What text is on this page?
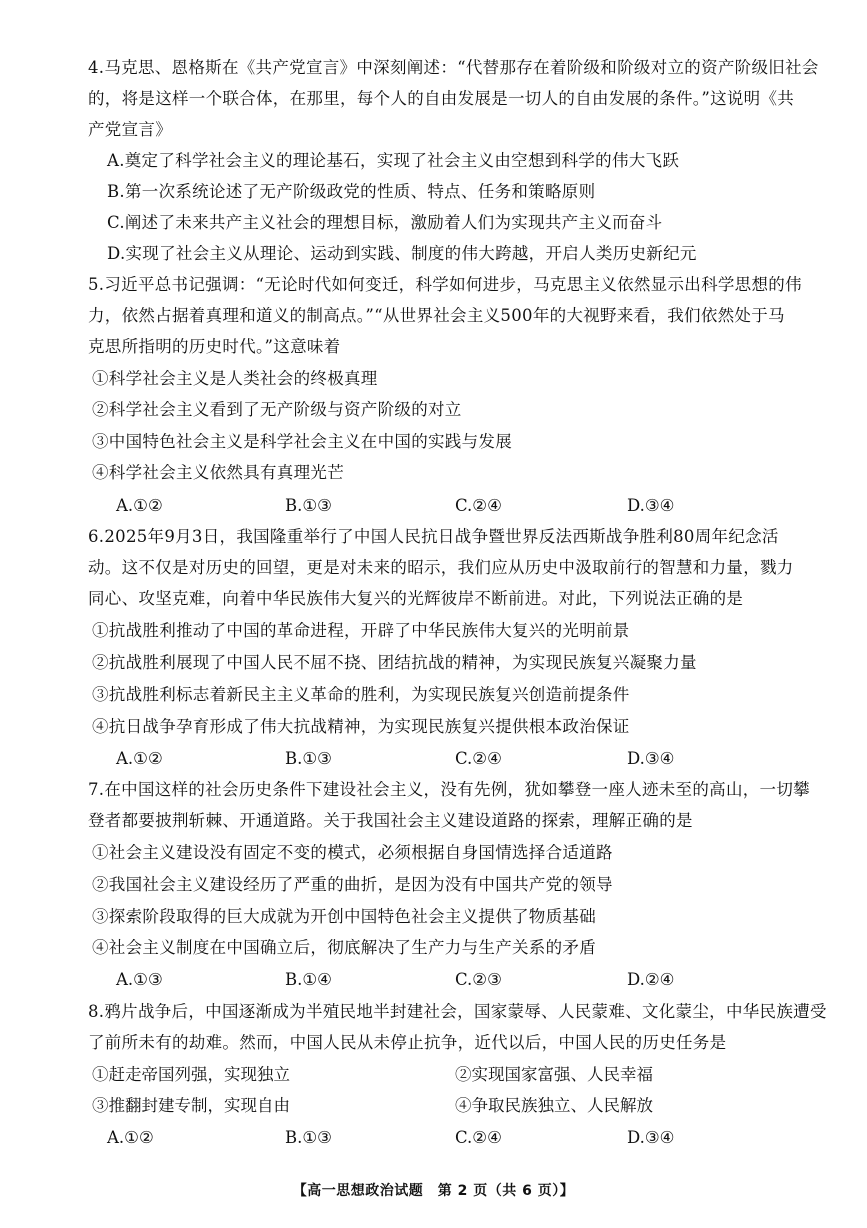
4.马克思、恩格斯在《共产党宣言》中深刻阐述：“代替那存在着阶级和阶级对立的资产阶级旧社会
的，将是这样一个联合体，在那里，每个人的自由发展是一切人的自由发展的条件。”这说明《共
产党宣言》
A.奠定了科学社会主义的理论基石，实现了社会主义由空想到科学的伟大飞跃
B.第一次系统论述了无产阶级政党的性质、特点、任务和策略原则
C.阐述了未来共产主义社会的理想目标，激励着人们为实现共产主义而奋斗
D.实现了社会主义从理论、运动到实践、制度的伟大跨越，开启人类历史新纪元
5.习近平总书记强调：“无论时代如何变迁，科学如何进步，马克思主义依然显示出科学思想的伟
力，依然占据着真理和道义的制高点。”“从世界社会主义500年的大视野来看，我们依然处于马
克思所指明的历史时代。”这意味着
①科学社会主义是人类社会的终极真理
②科学社会主义看到了无产阶级与资产阶级的对立
③中国特色社会主义是科学社会主义在中国的实践与发展
④科学社会主义依然具有真理光芒
A.①②	B.①③	C.②④	D.③④
6.2025年9月3日，我国隆重举行了中国人民抗日战争暨世界反法西斯战争胜利80周年纪念活
动。这不仅是对历史的回望，更是对未来的昭示，我们应从历史中汲取前行的智慧和力量，戮力
同心、攻坚克难，向着中华民族伟大复兴的光辉彼岸不断前进。对此，下列说法正确的是
①抗战胜利推动了中国的革命进程，开辟了中华民族伟大复兴的光明前景
②抗战胜利展现了中国人民不屈不挠、团结抗战的精神，为实现民族复兴凝聚力量
③抗战胜利标志着新民主主义革命的胜利，为实现民族复兴创造前提条件
④抗日战争孕育形成了伟大抗战精神，为实现民族复兴提供根本政治保证
A.①②	B.①③	C.②④	D.③④
7.在中国这样的社会历史条件下建设社会主义，没有先例，犹如攀登一座人迹未至的高山，一切攀
登者都要披荆斩棘、开通道路。关于我国社会主义建设道路的探索，理解正确的是
①社会主义建设没有固定不变的模式，必须根据自身国情选择合适道路
②我国社会主义建设经历了严重的曲折，是因为没有中国共产党的领导
③探索阶段取得的巨大成就为开创中国特色社会主义提供了物质基础
④社会主义制度在中国确立后，彻底解决了生产力与生产关系的矛盾
A.①③	B.①④	C.②③	D.②④
8.鸦片战争后，中国逐渐成为半殖民地半封建社会，国家蒙辱、人民蒙难、文化蒙尘，中华民族遭受
了前所未有的劫难。然而，中国人民从未停止抗争，近代以后，中国人民的历史任务是
①赶走帝国列强，实现独立	②实现国家富强、人民幸福
③推翻封建专制，实现自由	④争取民族独立、人民解放
A.①②	B.①③	C.②④	D.③④
【高一思想政治试题　第 2 页（共 6 页）】
